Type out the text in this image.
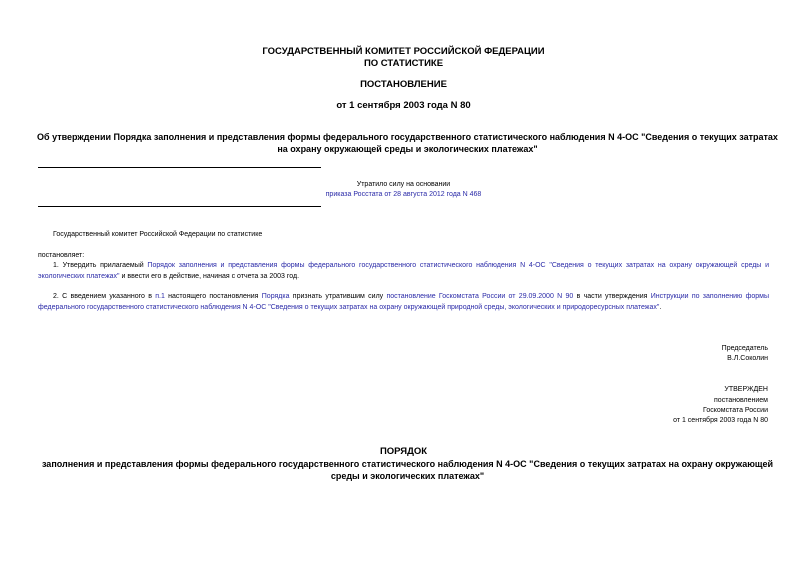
ГОСУДАРСТВЕННЫЙ КОМИТЕТ РОССИЙСКОЙ ФЕДЕРАЦИИ
ПО СТАТИСТИКЕ
ПОСТАНОВЛЕНИЕ
от 1 сентября 2003 года N 80
Об утверждении Порядка заполнения и представления формы федерального государственного статистического наблюдения N 4-ОС "Сведения о текущих затратах
на охрану окружающей среды и экологических платежах"
Утратило силу на основании
приказа Росстата от 28 августа 2012 года N 468
Государственный комитет Российской Федерации по статистике
постановляет:
1. Утвердить прилагаемый Порядок заполнения и представления формы федерального государственного статистического наблюдения N 4-ОС "Сведения о текущих затратах на охрану окружающей среды и экологических платежах" и ввести его в действие, начиная с отчета за 2003 год.
2. С введением указанного в п.1 настоящего постановления Порядка признать утратившим силу постановление Госкомстата России от 29.09.2000 N 90 в части утверждения Инструкции по заполнению формы федерального государственного статистического наблюдения N 4-ОС "Сведения о текущих затратах на охрану окружающей природной среды, экологических и природоресурсных платежах".
Председатель
В.Л.Соколин
УТВЕРЖДЕН
постановлением
Госкомстата России
от 1 сентября 2003 года N 80
ПОРЯДОК
заполнения и представления формы федерального государственного статистического наблюдения N 4-ОС "Сведения о текущих затратах на охрану окружающей
среды и экологических платежах"
